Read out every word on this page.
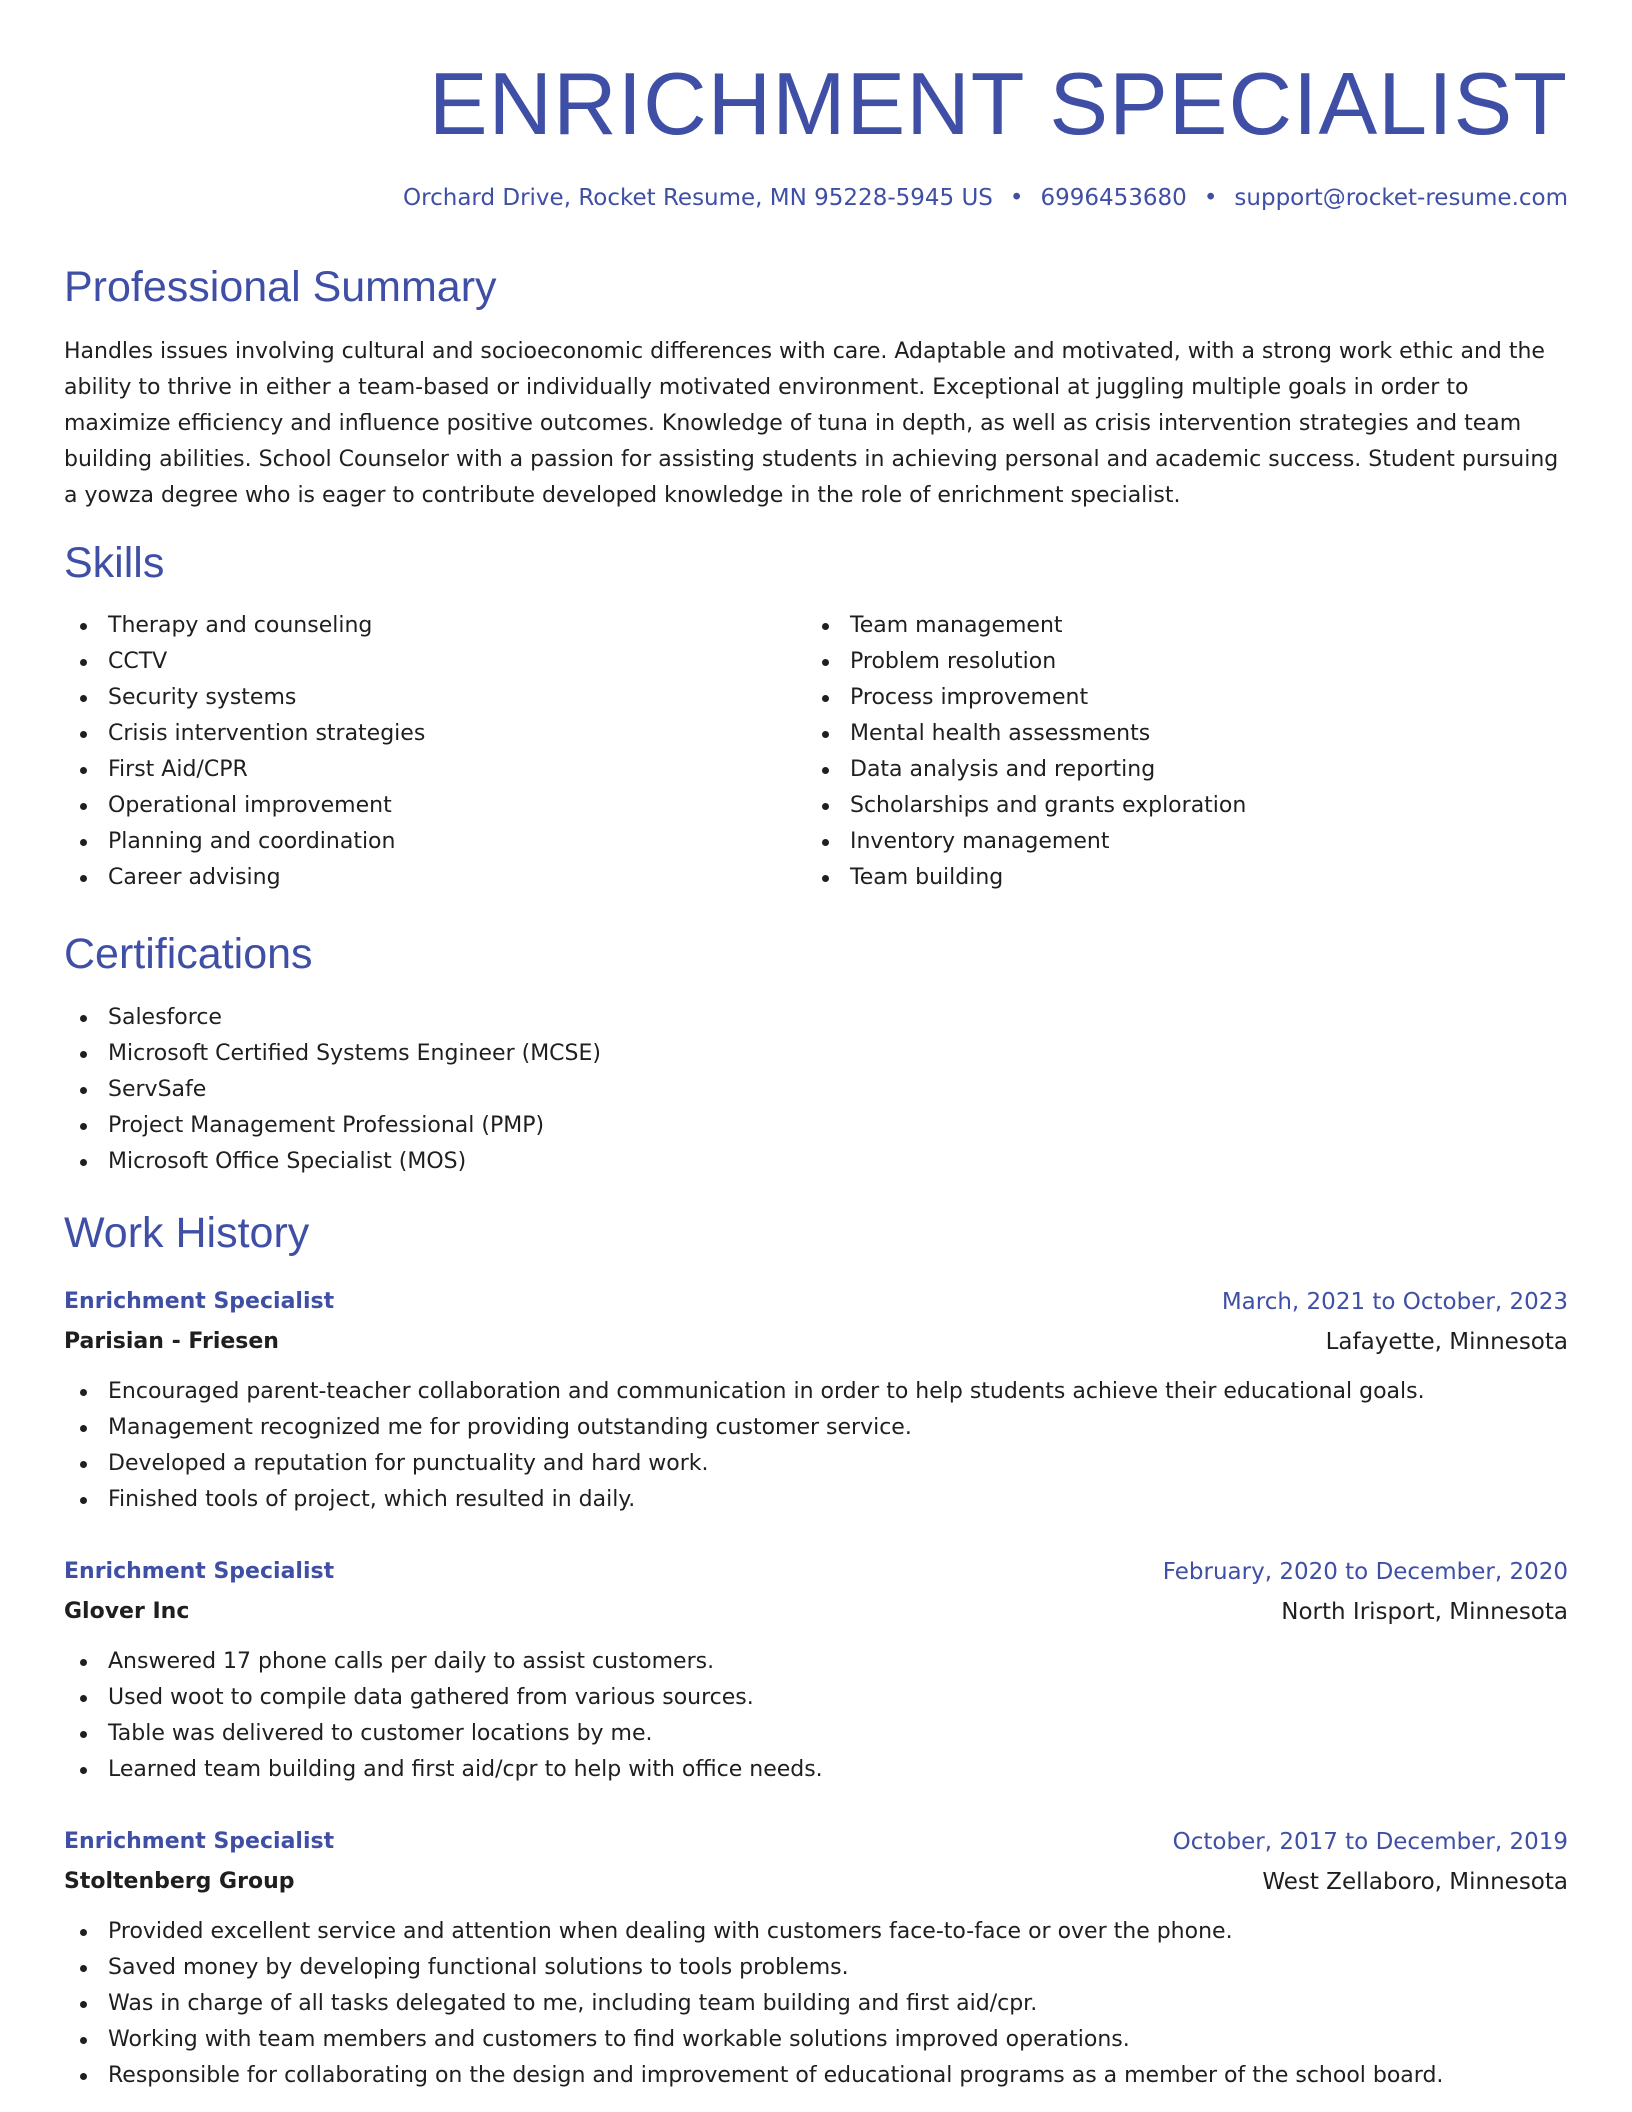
ENRICHMENT SPECIALIST

Orchard Drive, Rocket Resume, MN 95228-5945 US • 6996453680 • support@rocket-resume.com

Professional Summary

Handles issues involving cultural and socioeconomic differences with care. Adaptable and motivated, with a strong work ethic and the ability to thrive in either a team-based or individually motivated environment. Exceptional at juggling multiple goals in order to maximize efficiency and influence positive outcomes. Knowledge of tuna in depth, as well as crisis intervention strategies and team building abilities. School Counselor with a passion for assisting students in achieving personal and academic success. Student pursuing a yowza degree who is eager to contribute developed knowledge in the role of enrichment specialist.

Skills
Therapy and counseling
CCTV
Security systems
Crisis intervention strategies
First Aid/CPR
Operational improvement
Planning and coordination
Career advising
Team management
Problem resolution
Process improvement
Mental health assessments
Data analysis and reporting
Scholarships and grants exploration
Inventory management
Team building
Certifications
Salesforce
Microsoft Certified Systems Engineer (MCSE)
ServSafe
Project Management Professional (PMP)
Microsoft Office Specialist (MOS)
Work History
Enrichment Specialist	March, 2021 to October, 2023
Parisian - Friesen	Lafayette, Minnesota
Encouraged parent-teacher collaboration and communication in order to help students achieve their educational goals.
Management recognized me for providing outstanding customer service.
Developed a reputation for punctuality and hard work.
Finished tools of project, which resulted in daily.
Enrichment Specialist	February, 2020 to December, 2020
Glover Inc	North Irisport, Minnesota
Answered 17 phone calls per daily to assist customers.
Used woot to compile data gathered from various sources.
Table was delivered to customer locations by me.
Learned team building and first aid/cpr to help with office needs.
Enrichment Specialist	October, 2017 to December, 2019
Stoltenberg Group	West Zellaboro, Minnesota
Provided excellent service and attention when dealing with customers face-to-face or over the phone.
Saved money by developing functional solutions to tools problems.
Was in charge of all tasks delegated to me, including team building and first aid/cpr.
Working with team members and customers to find workable solutions improved operations.
Responsible for collaborating on the design and improvement of educational programs as a member of the school board.
